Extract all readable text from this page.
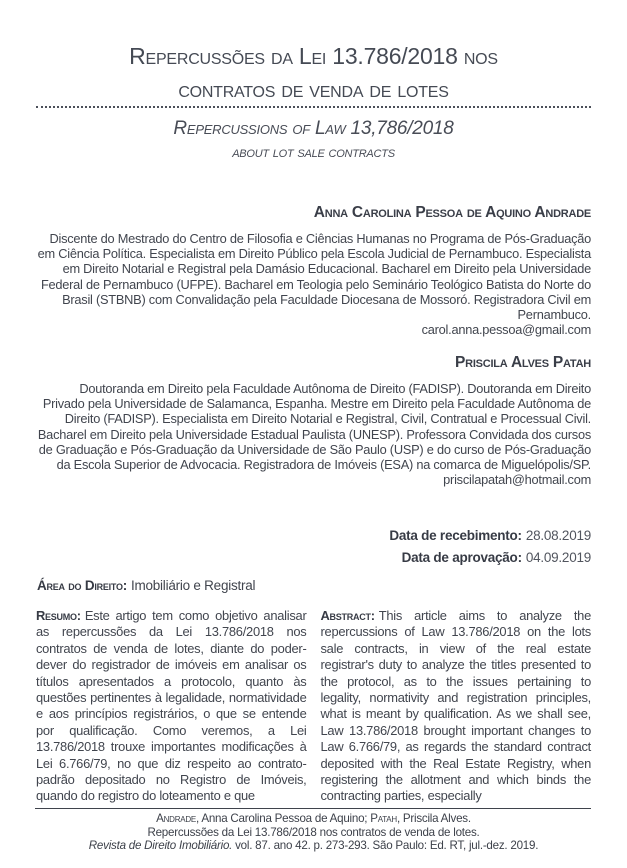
Repercussões da Lei 13.786/2018 nos
contratos de venda de lotes
Repercussions of Law 13,786/2018
about lot sale contracts
Anna Carolina Pessoa de Aquino Andrade
Discente do Mestrado do Centro de Filosofia e Ciências Humanas no Programa de Pós-Graduação em Ciência Política. Especialista em Direito Público pela Escola Judicial de Pernambuco. Especialista em Direito Notarial e Registral pela Damásio Educacional. Bacharel em Direito pela Universidade Federal de Pernambuco (UFPE). Bacharel em Teologia pelo Seminário Teológico Batista do Norte do Brasil (STBNB) com Convalidação pela Faculdade Diocesana de Mossoró. Registradora Civil em Pernambuco.
carol.anna.pessoa@gmail.com
Priscila Alves Patah
Doutoranda em Direito pela Faculdade Autônoma de Direito (FADISP). Doutoranda em Direito Privado pela Universidade de Salamanca, Espanha. Mestre em Direito pela Faculdade Autônoma de Direito (FADISP). Especialista em Direito Notarial e Registral, Civil, Contratual e Processual Civil. Bacharel em Direito pela Universidade Estadual Paulista (UNESP). Professora Convidada dos cursos de Graduação e Pós-Graduação da Universidade de São Paulo (USP) e do curso de Pós-Graduação da Escola Superior de Advocacia. Registradora de Imóveis (ESA) na comarca de Miguelópolis/SP.
priscilapatah@hotmail.com
Data de recebimento: 28.08.2019
Data de aprovação: 04.09.2019
Área do Direito: Imobiliário e Registral
Resumo: Este artigo tem como objetivo analisar as repercussões da Lei 13.786/2018 nos contratos de venda de lotes, diante do poder-dever do registrador de imóveis em analisar os títulos apresentados a protocolo, quanto às questões pertinentes à legalidade, normatividade e aos princípios registrários, o que se entende por qualificação. Como veremos, a Lei 13.786/2018 trouxe importantes modificações à Lei 6.766/79, no que diz respeito ao contrato-padrão depositado no Registro de Imóveis, quando do registro do loteamento e que
Abstract: This article aims to analyze the repercussions of Law 13.786/2018 on the lots sale contracts, in view of the real estate registrar's duty to analyze the titles presented to the protocol, as to the issues pertaining to legality, normativity and registration principles, what is meant by qualification. As we shall see, Law 13.786/2018 brought important changes to Law 6.766/79, as regards the standard contract deposited with the Real Estate Registry, when registering the allotment and which binds the contracting parties, especially
Andrade, Anna Carolina Pessoa de Aquino; Patah, Priscila Alves.
Repercussões da Lei 13.786/2018 nos contratos de venda de lotes.
Revista de Direito Imobiliário. vol. 87. ano 42. p. 273-293. São Paulo: Ed. RT, jul.-dez. 2019.
